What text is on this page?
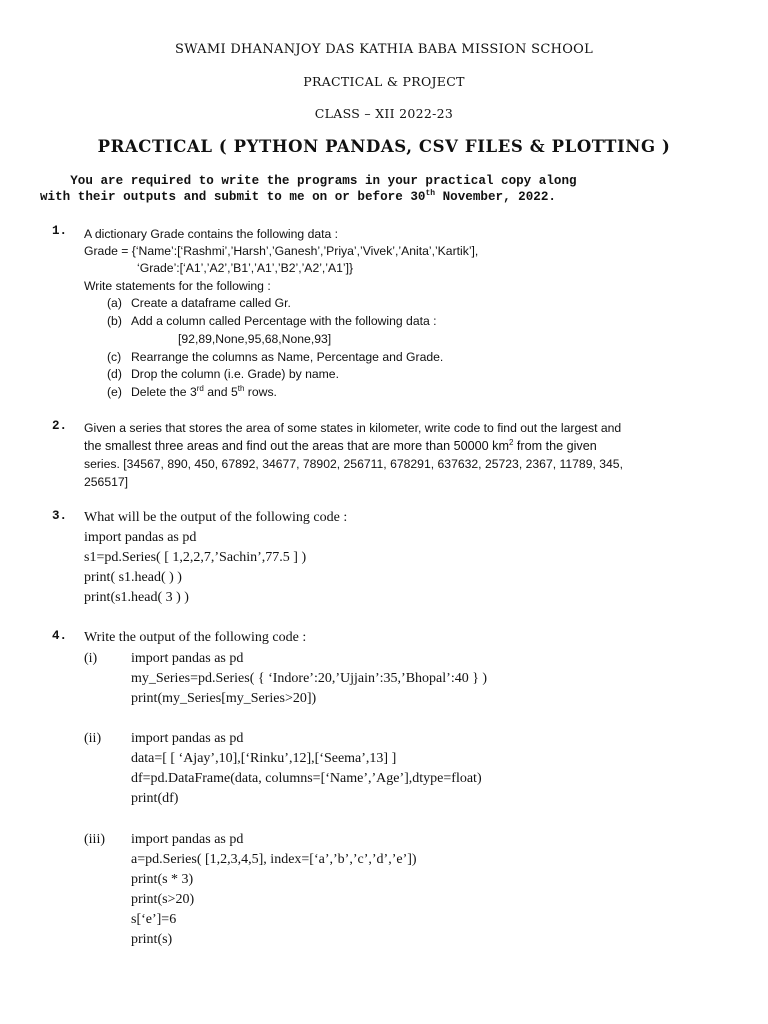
SWAMI DHANANJOY DAS KATHIA BABA MISSION SCHOOL
PRACTICAL & PROJECT
CLASS – XII 2022-23
PRACTICAL ( PYTHON PANDAS, CSV FILES & PLOTTING )
You are required to write the programs in your practical copy along
with their outputs and submit to me on or before 30th November, 2022.
1. A dictionary Grade contains the following data :
Grade = {‘Name’:[‘Rashmi’,’Harsh’,’Ganesh’,’Priya’,’Vivek’,’Anita’,’Kartik’],
‘Grade’:[‘A1’,’A2’,’B1’,’A1’,’B2’,’A2’,’A1’]}
Write statements for the following :
(a) Create a dataframe called Gr.
(b) Add a column called Percentage with the following data :
[92,89,None,95,68,None,93]
(c) Rearrange the columns as Name, Percentage and Grade.
(d) Drop the column (i.e. Grade) by name.
(e) Delete the 3rd and 5th rows.
2. Given a series that stores the area of some states in kilometer, write code to find out the largest and
the smallest three areas and find out the areas that are more than 50000 $km^2$ from the given
series. [34567, 890, 450, 67892, 34677, 78902, 256711, 678291, 637632, 25723, 2367, 11789, 345,
256517]
3. What will be the output of the following code :
import pandas as pd
s1=pd.Series( [ 1,2,2,7,’Sachin’,77.5 ] )
print( s1.head( ) )
print(s1.head( 3 ) )
4. Write the output of the following code :
(i) import pandas as pd
my_Series=pd.Series( { ‘Indore’:20,’Ujjain’:35,’Bhopal’:40 } )
print(my_Series[my_Series>20])
(ii) import pandas as pd
data=[ [ ‘Ajay’,10],[‘Rinku’,12],[‘Seema’,13] ]
df=pd.DataFrame(data, columns=[‘Name’,’Age’],dtype=float)
print(df)
(iii) import pandas as pd
a=pd.Series( [1,2,3,4,5], index=[‘a’,’b’,’c’,’d’,’e’])
print(s * 3)
print(s>20)
s[‘e’]=6
print(s)
